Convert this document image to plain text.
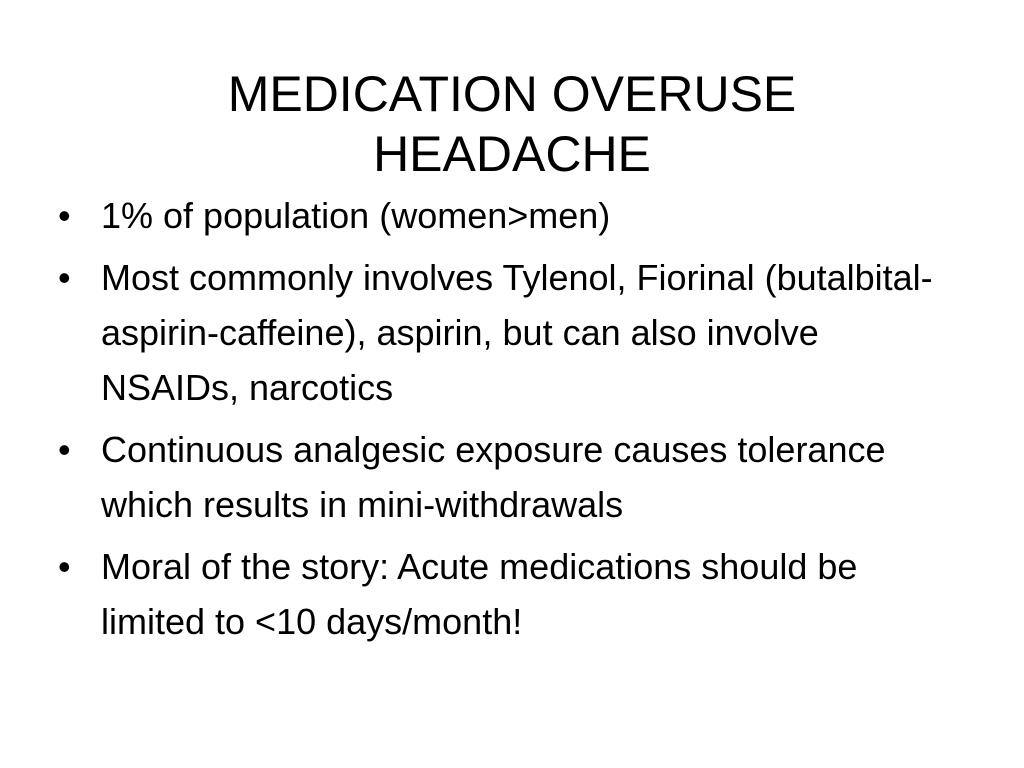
MEDICATION OVERUSE
HEADACHE
• 1% of population (women>men)
• Most commonly involves Tylenol, Fiorinal (butalbital-aspirin-caffeine), aspirin, but can also involve NSAIDs, narcotics
• Continuous analgesic exposure causes tolerance which results in mini-withdrawals
• Moral of the story: Acute medications should be limited to <10 days/month!
